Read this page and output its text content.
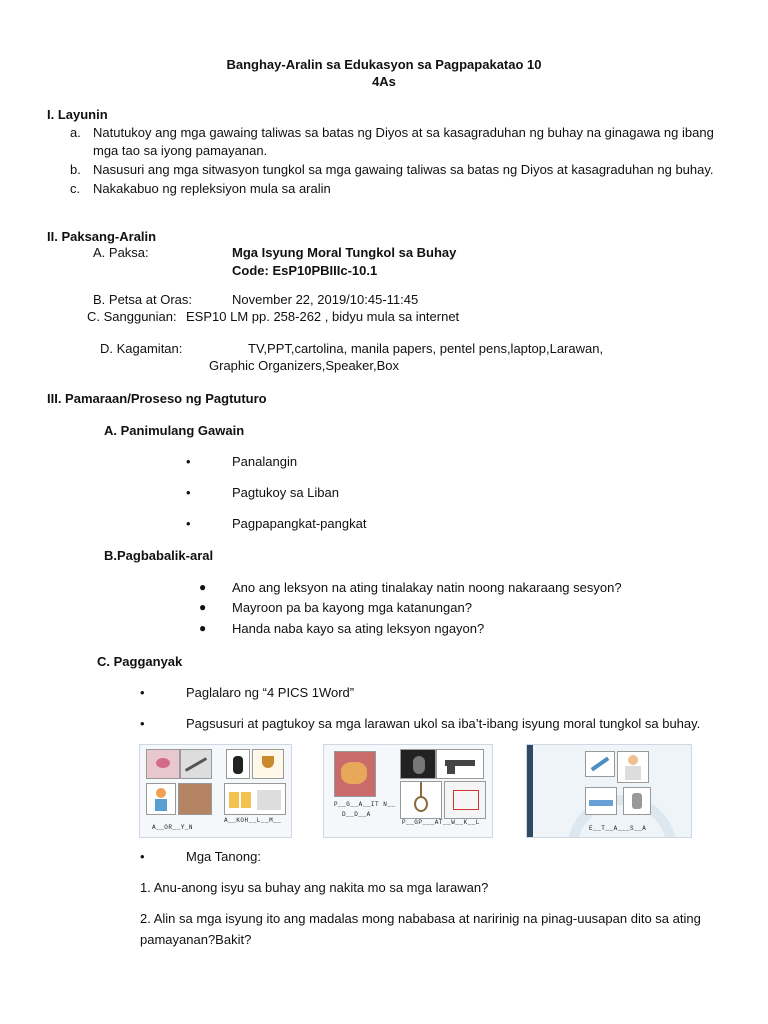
Banghay-Aralin sa Edukasyon sa Pagpapakatao 10
4As
I. Layunin
a. Natutukoy ang mga gawaing taliwas sa batas ng Diyos at sa kasagraduhan ng buhay na ginagawa ng ibang
mga tao sa iyong pamayanan.
b. Nasusuri ang mga sitwasyon tungkol sa mga gawaing taliwas sa batas ng Diyos at kasagraduhan ng buhay.
c. Nakakabuo ng repleksiyon mula sa aralin
II. Paksang-Aralin
A. Paksa:	Mga Isyung Moral Tungkol sa Buhay
Code: EsP10PBIIIc-10.1
B. Petsa at Oras:	November 22, 2019/10:45-11:45
C. Sanggunian: ESP10 LM pp. 258-262 , bidyu mula sa internet
D. Kagamitan:	TV,PPT,cartolina, manila papers, pentel pens,laptop,Larawan,
Graphic Organizers,Speaker,Box
III. Pamaraan/Proseso ng Pagtuturo
A. Panimulang Gawain
•	Panalangin
•	Pagtukoy sa Liban
•	Pagpapangkat-pangkat
B.Pagbabalik-aral
● Ano ang leksyon na ating tinalakay natin noong nakaraang sesyon?
● Mayroon pa ba kayong mga katanungan?
● Handa naba kayo sa ating leksyon ngayon?
C. Pagganyak
•	Paglalaro ng “4 PICS 1Word”
•	Pagsusuri at pagtukoy sa mga larawan ukol sa iba’t-ibang isyung moral tungkol sa buhay.
A__OR__Y_N
A__KOH__L__M__
P__G__A__IT N__
D__D__A
P__GP___AT__W__K__L
E__T__A___S__A
•	Mga Tanong:
1. Anu-anong isyu sa buhay ang nakita mo sa mga larawan?
2. Alin sa mga isyung ito ang madalas mong nababasa at naririnig na pinag-uusapan dito sa ating
pamayanan?Bakit?
